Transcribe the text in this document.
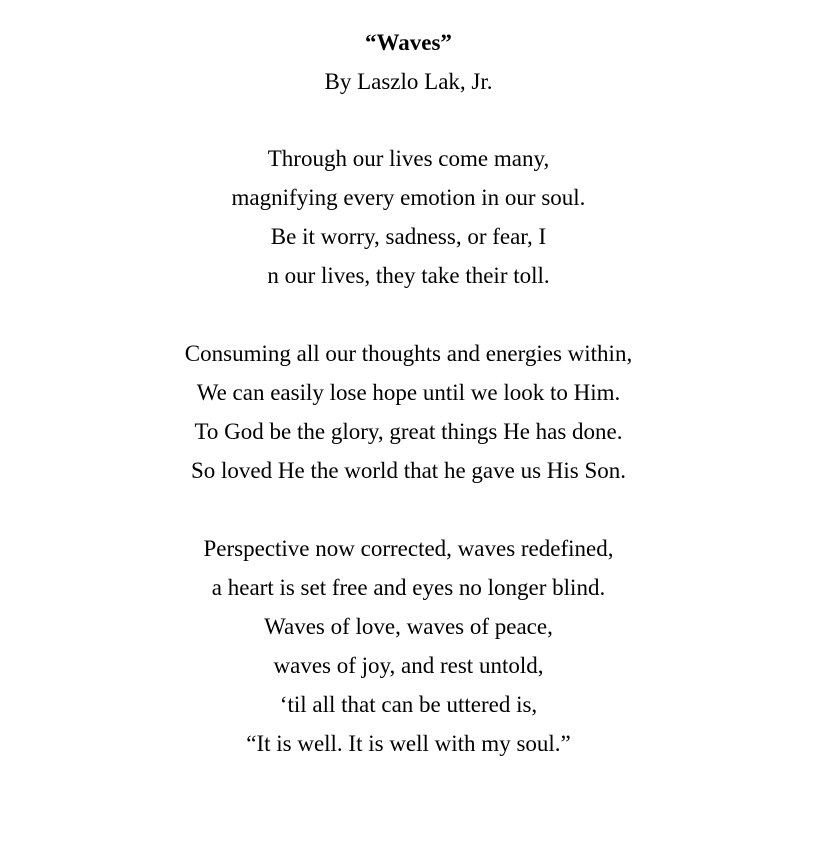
“Waves”
By Laszlo Lak, Jr.
Through our lives come many,
magnifying every emotion in our soul.
Be it worry, sadness, or fear, I
n our lives, they take their toll.
Consuming all our thoughts and energies within,
We can easily lose hope until we look to Him.
To God be the glory, great things He has done.
So loved He the world that he gave us His Son.
Perspective now corrected, waves redefined,
a heart is set free and eyes no longer blind.
Waves of love, waves of peace,
waves of joy, and rest untold,
‘til all that can be uttered is,
“It is well. It is well with my soul.”
